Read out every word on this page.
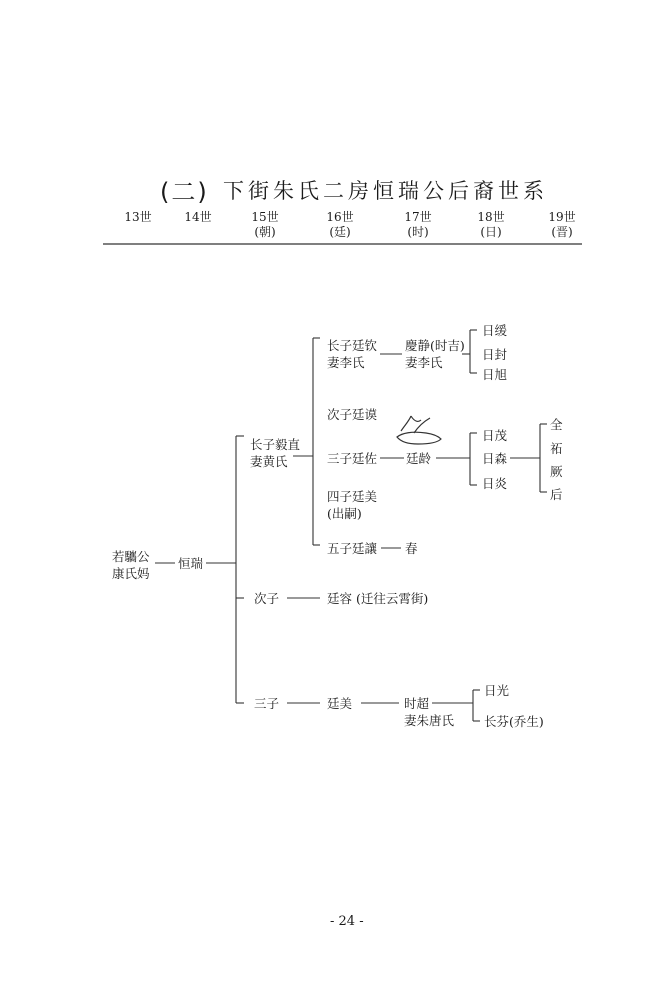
(二) 下街朱氏二房恒瑞公后裔世系
13世	14世	15世
(朝)
16世
(廷)
17世
(时)
18世
(日)
19世
(晋)
若驨公
康氏妈
恒瑞
长子毅直
妻黄氏
次子
三子
长子廷钦
妻李氏
次子廷谟
三子廷佐
四子廷美
(出嗣)
五子廷讓
廷容 (迁往云霄街)
廷美
慶静(时吉)
妻李氏
廷龄
春
时超
妻朱唐氏
日缓
日封
日旭
日茂
日森
日炎
日光
长芬(乔生)
全
祏
厥
后
- 24 -
